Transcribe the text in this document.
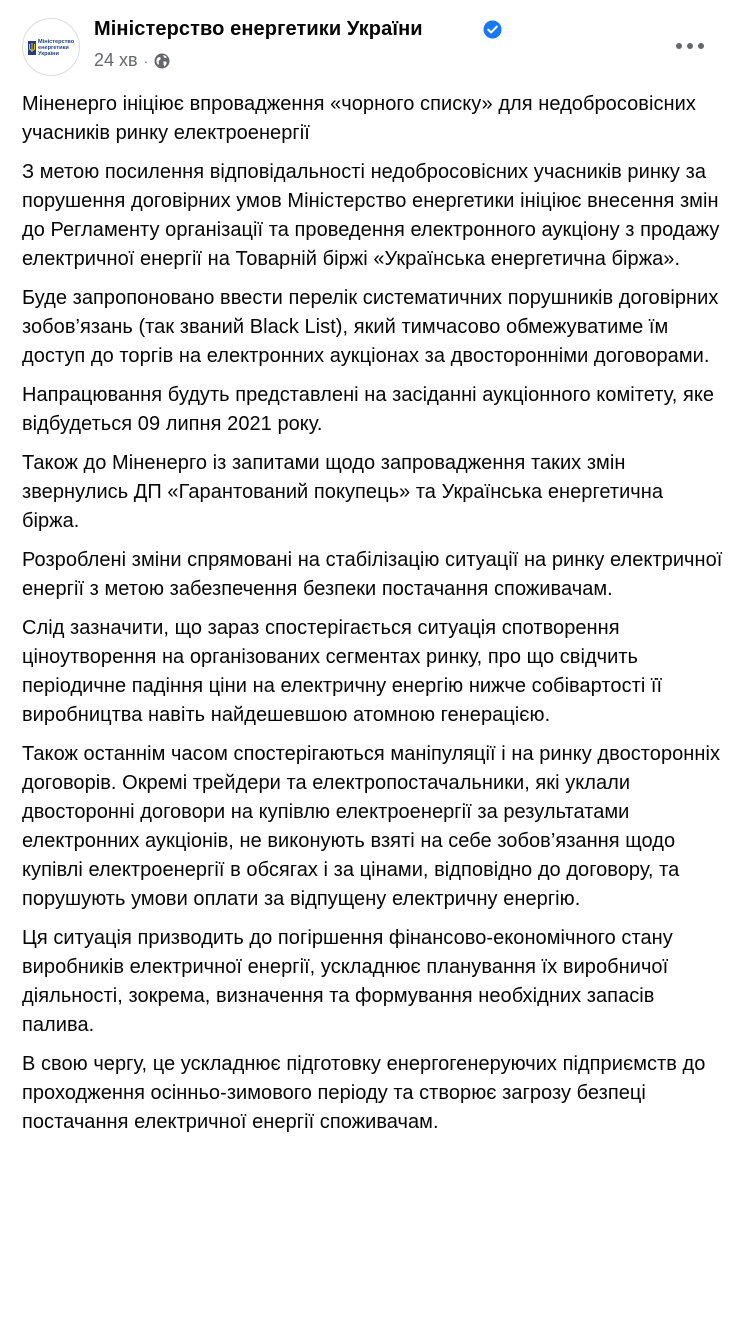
Міністерство енергетики України
Міністерство енергетики України
24 хв ·

Міненерго ініціює впровадження «чорного списку» для недобросовісних учасників ринку електроенергії

З метою посилення відповідальності недобросовісних учасників ринку за порушення договірних умов Міністерство енергетики ініціює внесення змін до Регламенту організації та проведення електронного аукціону з продажу електричної енергії на Товарній біржі «Українська енергетична біржа».

Буде запропоновано ввести перелік систематичних порушників договірних зобов’язань (так званий Black List), який тимчасово обмежуватиме їм доступ до торгів на електронних аукціонах за двосторонніми договорами.

Напрацювання будуть представлені на засіданні аукціонного комітету, яке відбудеться 09 липня 2021 року.

Також до Міненерго із запитами щодо запровадження таких змін звернулись ДП «Гарантований покупець» та Українська енергетична біржа.

Розроблені зміни спрямовані на стабілізацію ситуації на ринку електричної енергії з метою забезпечення безпеки постачання споживачам.

Слід зазначити, що зараз спостерігається ситуація спотворення ціноутворення на організованих сегментах ринку, про що свідчить періодичне падіння ціни на електричну енергію нижче собівартості її виробництва навіть найдешевшою атомною генерацією.

Також останнім часом спостерігаються маніпуляції і на ринку двосторонніх договорів. Окремі трейдери та електропостачальники, які уклали двосторонні договори на купівлю електроенергії за результатами електронних аукціонів, не виконують взяті на себе зобов’язання щодо купівлі електроенергії в обсягах і за цінами, відповідно до договору, та порушують умови оплати за відпущену електричну енергію.

Ця ситуація призводить до погіршення фінансово-економічного стану виробників електричної енергії, ускладнює планування їх виробничої діяльності, зокрема, визначення та формування необхідних запасів палива.

В свою чергу, це ускладнює підготовку енергогенеруючих підприємств до проходження осінньо-зимового періоду та створює загрозу безпеці постачання електричної енергії споживачам.
